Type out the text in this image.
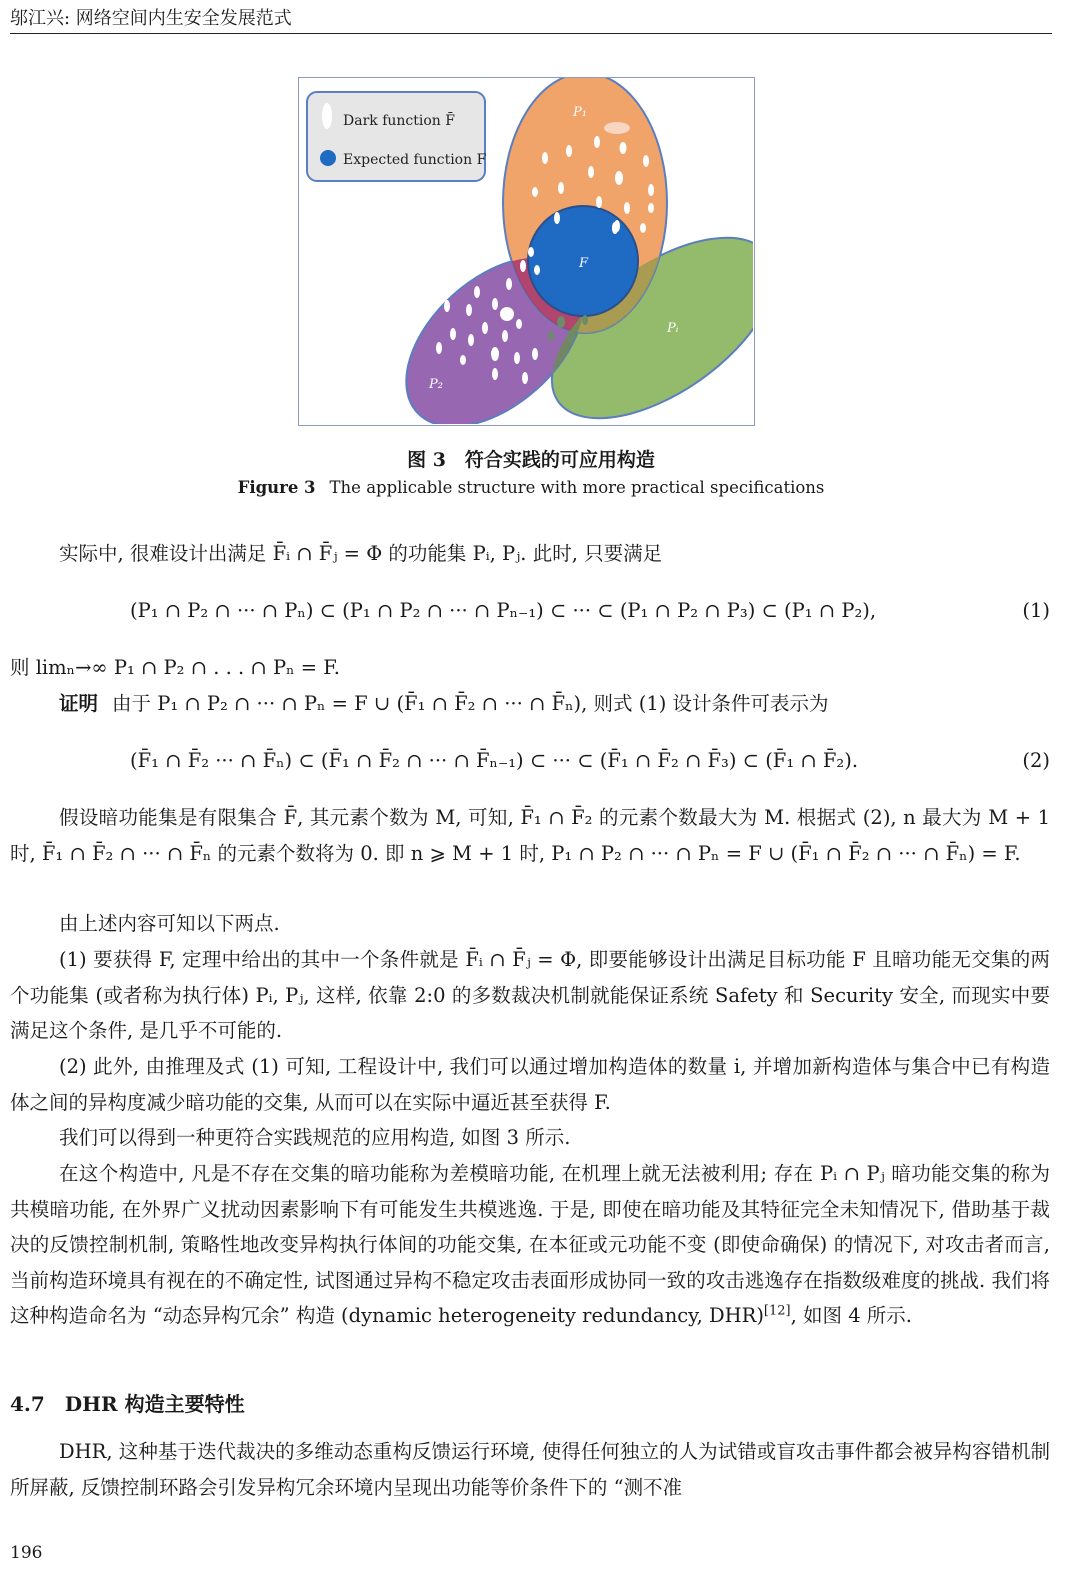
邬江兴: 网络空间内生安全发展范式
P₁
P₂
Pᵢ
F
Dark function F̄
Expected function F
图 3　符合实践的可应用构造
Figure 3 The applicable structure with more practical specifications
实际中, 很难设计出满足 F̄ᵢ ∩ F̄ⱼ = Φ 的功能集 Pᵢ, Pⱼ. 此时, 只要满足
(P₁ ∩ P₂ ∩ ··· ∩ Pₙ) ⊂ (P₁ ∩ P₂ ∩ ··· ∩ Pₙ₋₁) ⊂ ··· ⊂ (P₁ ∩ P₂ ∩ P₃) ⊂ (P₁ ∩ P₂),	(1)
则 limₙ→∞ P₁ ∩ P₂ ∩ . . . ∩ Pₙ = F.
证明 由于 P₁ ∩ P₂ ∩ ··· ∩ Pₙ = F ∪ (F̄₁ ∩ F̄₂ ∩ ··· ∩ F̄ₙ), 则式 (1) 设计条件可表示为
(F̄₁ ∩ F̄₂ ··· ∩ F̄ₙ) ⊂ (F̄₁ ∩ F̄₂ ∩ ··· ∩ F̄ₙ₋₁) ⊂ ··· ⊂ (F̄₁ ∩ F̄₂ ∩ F̄₃) ⊂ (F̄₁ ∩ F̄₂).	(2)
假设暗功能集是有限集合 F̄, 其元素个数为 M, 可知, F̄₁ ∩ F̄₂ 的元素个数最大为 M. 根据式 (2), n 最大为 M + 1 时, F̄₁ ∩ F̄₂ ∩ ··· ∩ F̄ₙ 的元素个数将为 0. 即 n ⩾ M + 1 时, P₁ ∩ P₂ ∩ ··· ∩ Pₙ = F ∪ (F̄₁ ∩ F̄₂ ∩ ··· ∩ F̄ₙ) = F.
由上述内容可知以下两点.
(1) 要获得 F, 定理中给出的其中一个条件就是 F̄ᵢ ∩ F̄ⱼ = Φ, 即要能够设计出满足目标功能 F 且暗功能无交集的两个功能集 (或者称为执行体) Pᵢ, Pⱼ, 这样, 依靠 2:0 的多数裁决机制就能保证系统 Safety 和 Security 安全, 而现实中要满足这个条件, 是几乎不可能的.
(2) 此外, 由推理及式 (1) 可知, 工程设计中, 我们可以通过增加构造体的数量 i, 并增加新构造体与集合中已有构造体之间的异构度减少暗功能的交集, 从而可以在实际中逼近甚至获得 F.
我们可以得到一种更符合实践规范的应用构造, 如图 3 所示.
在这个构造中, 凡是不存在交集的暗功能称为差模暗功能, 在机理上就无法被利用; 存在 Pᵢ ∩ Pⱼ 暗功能交集的称为共模暗功能, 在外界广义扰动因素影响下有可能发生共模逃逸. 于是, 即使在暗功能及其特征完全未知情况下, 借助基于裁决的反馈控制机制, 策略性地改变异构执行体间的功能交集, 在本征或元功能不变 (即使命确保) 的情况下, 对攻击者而言, 当前构造环境具有视在的不确定性, 试图通过异构不稳定攻击表面形成协同一致的攻击逃逸存在指数级难度的挑战. 我们将这种构造命名为 “动态异构冗余” 构造 (dynamic heterogeneity redundancy, DHR)[12], 如图 4 所示.
4.7　DHR 构造主要特性
DHR, 这种基于迭代裁决的多维动态重构反馈运行环境, 使得任何独立的人为试错或盲攻击事件都会被异构容错机制所屏蔽, 反馈控制环路会引发异构冗余环境内呈现出功能等价条件下的 “测不准
196
